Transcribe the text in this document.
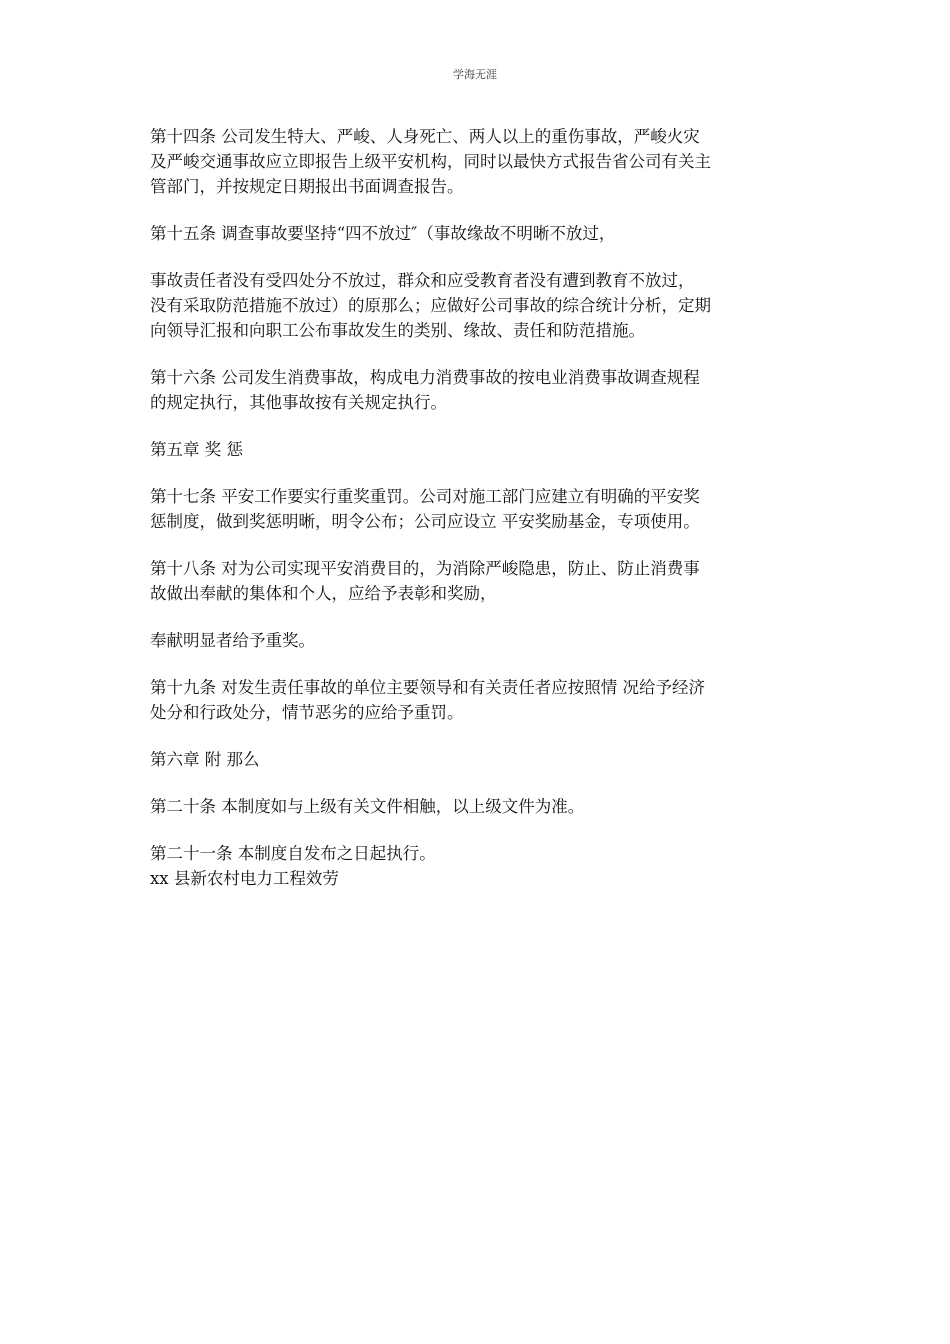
学海无涯
第十四条 公司发生特大、严峻、人身死亡、两人以上的重伤事故，严峻火灾
及严峻交通事故应立即报告上级平安机构，同时以最快方式报告省公司有关主
管部门，并按规定日期报出书面调查报告。
第十五条 调查事故要坚持“四不放过″（事故缘故不明晰不放过，
事故责任者没有受四处分不放过，群众和应受教育者没有遭到教育不放过，
没有采取防范措施不放过）的原那么；应做好公司事故的综合统计分析，定期
向领导汇报和向职工公布事故发生的类别、缘故、责任和防范措施。
第十六条 公司发生消费事故，构成电力消费事故的按电业消费事故调查规程
的规定执行，其他事故按有关规定执行。
第五章 奖 惩
第十七条 平安工作要实行重奖重罚。公司对施工部门应建立有明确的平安奖
惩制度，做到奖惩明晰，明令公布；公司应设立 平安奖励基金，专项使用。
第十八条 对为公司实现平安消费目的，为消除严峻隐患，防止、防止消费事
故做出奉献的集体和个人，应给予表彰和奖励，
奉献明显者给予重奖。
第十九条 对发生责任事故的单位主要领导和有关责任者应按照情 况给予经济
处分和行政处分，情节恶劣的应给予重罚。
第六章 附 那么
第二十条 本制度如与上级有关文件相触，以上级文件为准。
第二十一条 本制度自发布之日起执行。
xx 县新农村电力工程效劳
